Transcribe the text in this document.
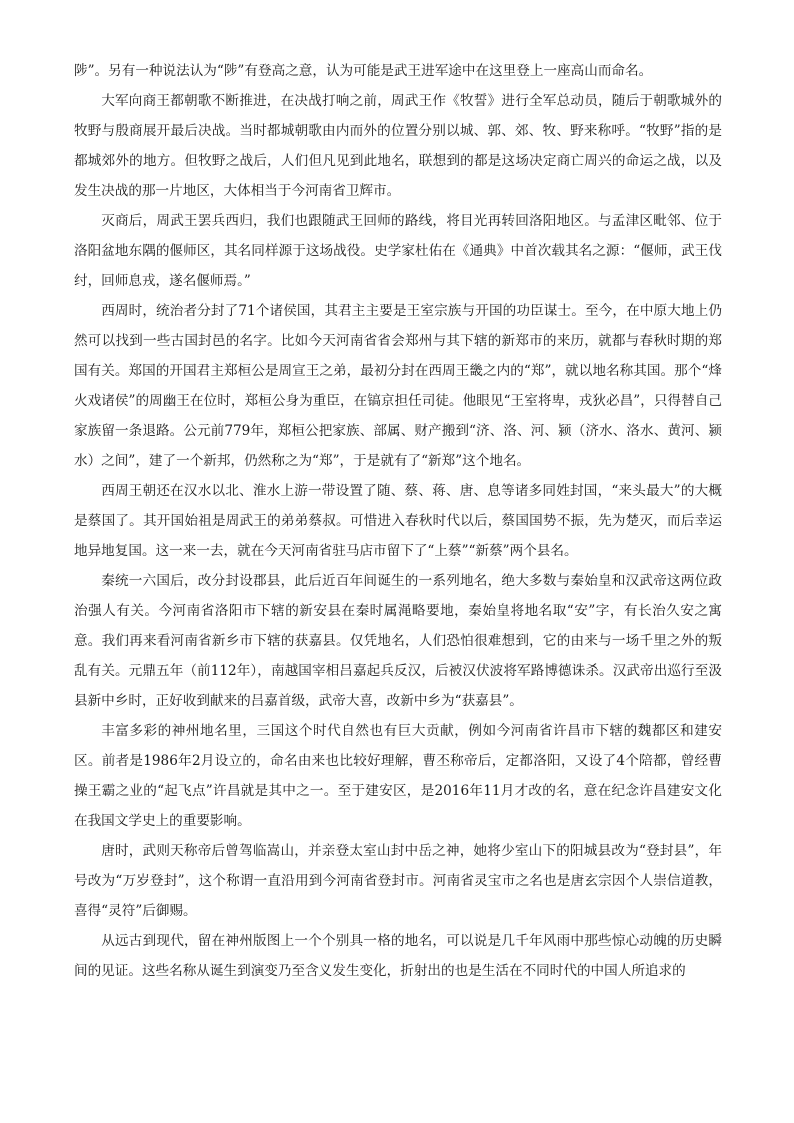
陟”。另有一种说法认为“陟”有登高之意，认为可能是武王进军途中在这里登上一座高山而命名。

大军向商王都朝歌不断推进，在决战打响之前，周武王作《牧誓》进行全军总动员，随后于朝歌城外的牧野与殷商展开最后决战。当时都城朝歌由内而外的位置分别以城、郭、郊、牧、野来称呼。“牧野”指的是都城郊外的地方。但牧野之战后，人们但凡见到此地名，联想到的都是这场决定商亡周兴的命运之战，以及发生决战的那一片地区，大体相当于今河南省卫辉市。

灭商后，周武王罢兵西归，我们也跟随武王回师的路线，将目光再转回洛阳地区。与孟津区毗邻、位于洛阳盆地东隅的偃师区，其名同样源于这场战役。史学家杜佑在《通典》中首次载其名之源：“偃师，武王伐纣，回师息戎，遂名偃师焉。”

西周时，统治者分封了71个诸侯国，其君主主要是王室宗族与开国的功臣谋士。至今，在中原大地上仍然可以找到一些古国封邑的名字。比如今天河南省省会郑州与其下辖的新郑市的来历，就都与春秋时期的郑国有关。郑国的开国君主郑桓公是周宣王之弟，最初分封在西周王畿之内的“郑”，就以地名称其国。那个“烽火戏诸侯”的周幽王在位时，郑桓公身为重臣，在镐京担任司徒。他眼见“王室将卑，戎狄必昌”，只得替自己家族留一条退路。公元前779年，郑桓公把家族、部属、财产搬到“济、洛、河、颍（济水、洛水、黄河、颍水）之间”，建了一个新邦，仍然称之为“郑”，于是就有了“新郑”这个地名。

西周王朝还在汉水以北、淮水上游一带设置了随、蔡、蒋、唐、息等诸多同姓封国，“来头最大”的大概是蔡国了。其开国始祖是周武王的弟弟蔡叔。可惜进入春秋时代以后，蔡国国势不振，先为楚灭，而后幸运地异地复国。这一来一去，就在今天河南省驻马店市留下了“上蔡”“新蔡”两个县名。

秦统一六国后，改分封设郡县，此后近百年间诞生的一系列地名，绝大多数与秦始皇和汉武帝这两位政治强人有关。今河南省洛阳市下辖的新安县在秦时属渑略要地，秦始皇将地名取“安”字，有长治久安之寓意。我们再来看河南省新乡市下辖的获嘉县。仅凭地名，人们恐怕很难想到，它的由来与一场千里之外的叛乱有关。元鼎五年（前112年），南越国宰相吕嘉起兵反汉，后被汉伏波将军路博德诛杀。汉武帝出巡行至汲县新中乡时，正好收到献来的吕嘉首级，武帝大喜，改新中乡为“获嘉县”。

丰富多彩的神州地名里，三国这个时代自然也有巨大贡献，例如今河南省许昌市下辖的魏都区和建安区。前者是1986年2月设立的，命名由来也比较好理解，曹丕称帝后，定都洛阳，又设了4个陪都，曾经曹操王霸之业的“起飞点”许昌就是其中之一。至于建安区，是2016年11月才改的名，意在纪念许昌建安文化在我国文学史上的重要影响。

唐时，武则天称帝后曾驾临嵩山，并亲登太室山封中岳之神，她将少室山下的阳城县改为“登封县”，年号改为“万岁登封”，这个称谓一直沿用到今河南省登封市。河南省灵宝市之名也是唐玄宗因个人崇信道教，喜得“灵符”后御赐。

从远古到现代，留在神州版图上一个个别具一格的地名，可以说是几千年风雨中那些惊心动魄的历史瞬间的见证。这些名称从诞生到演变乃至含义发生变化，折射出的也是生活在不同时代的中国人所追求的
